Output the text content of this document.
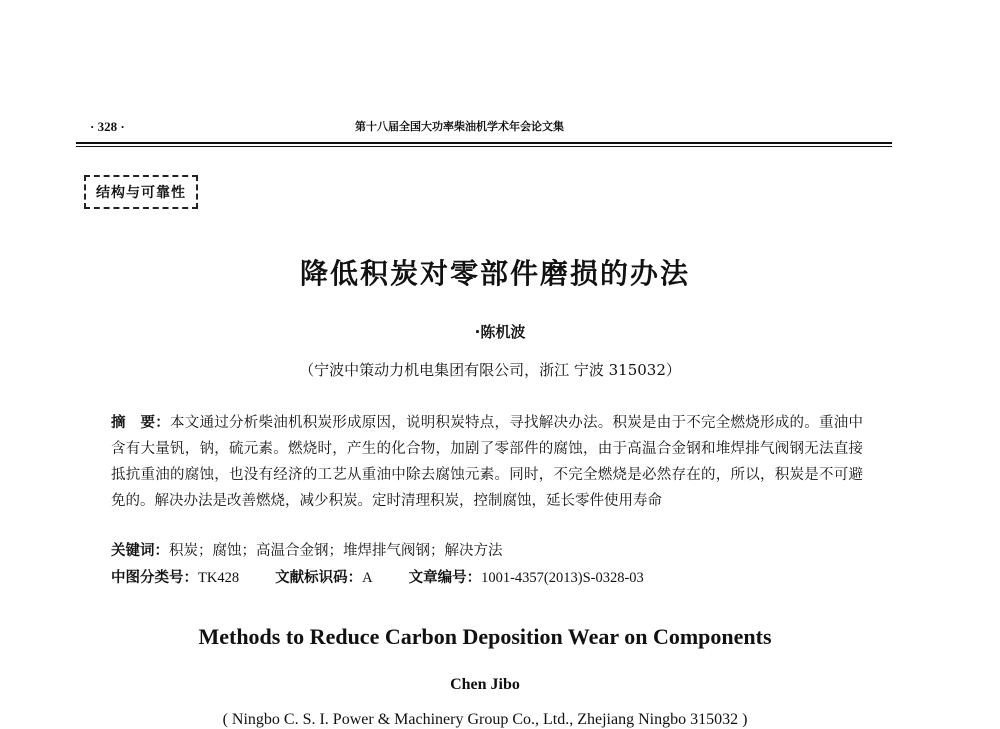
· 328 ·	第十八届全国大功率柴油机学术年会论文集
结构与可靠性
降低积炭对零部件磨损的办法
·陈机波
（宁波中策动力机电集团有限公司，浙江 宁波 315032）
摘　要：本文通过分析柴油机积炭形成原因，说明积炭特点，寻找解决办法。积炭是由于不完全燃烧形成的。重油中含有大量钒，钠，硫元素。燃烧时，产生的化合物，加剧了零部件的腐蚀，由于高温合金钢和堆焊排气阀钢无法直接抵抗重油的腐蚀，也没有经济的工艺从重油中除去腐蚀元素。同时，不完全燃烧是必然存在的，所以，积炭是不可避免的。解决办法是改善燃烧，减少积炭。定时清理积炭，控制腐蚀，延长零件使用寿命
关键词：积炭；腐蚀；高温合金钢；堆焊排气阀钢；解决方法
中图分类号：TK428 文献标识码：A 文章编号：1001-4357(2013)S-0328-03
Methods to Reduce Carbon Deposition Wear on Components
Chen Jibo
( Ningbo C. S. I. Power & Machinery Group Co., Ltd., Zhejiang Ningbo 315032 )
